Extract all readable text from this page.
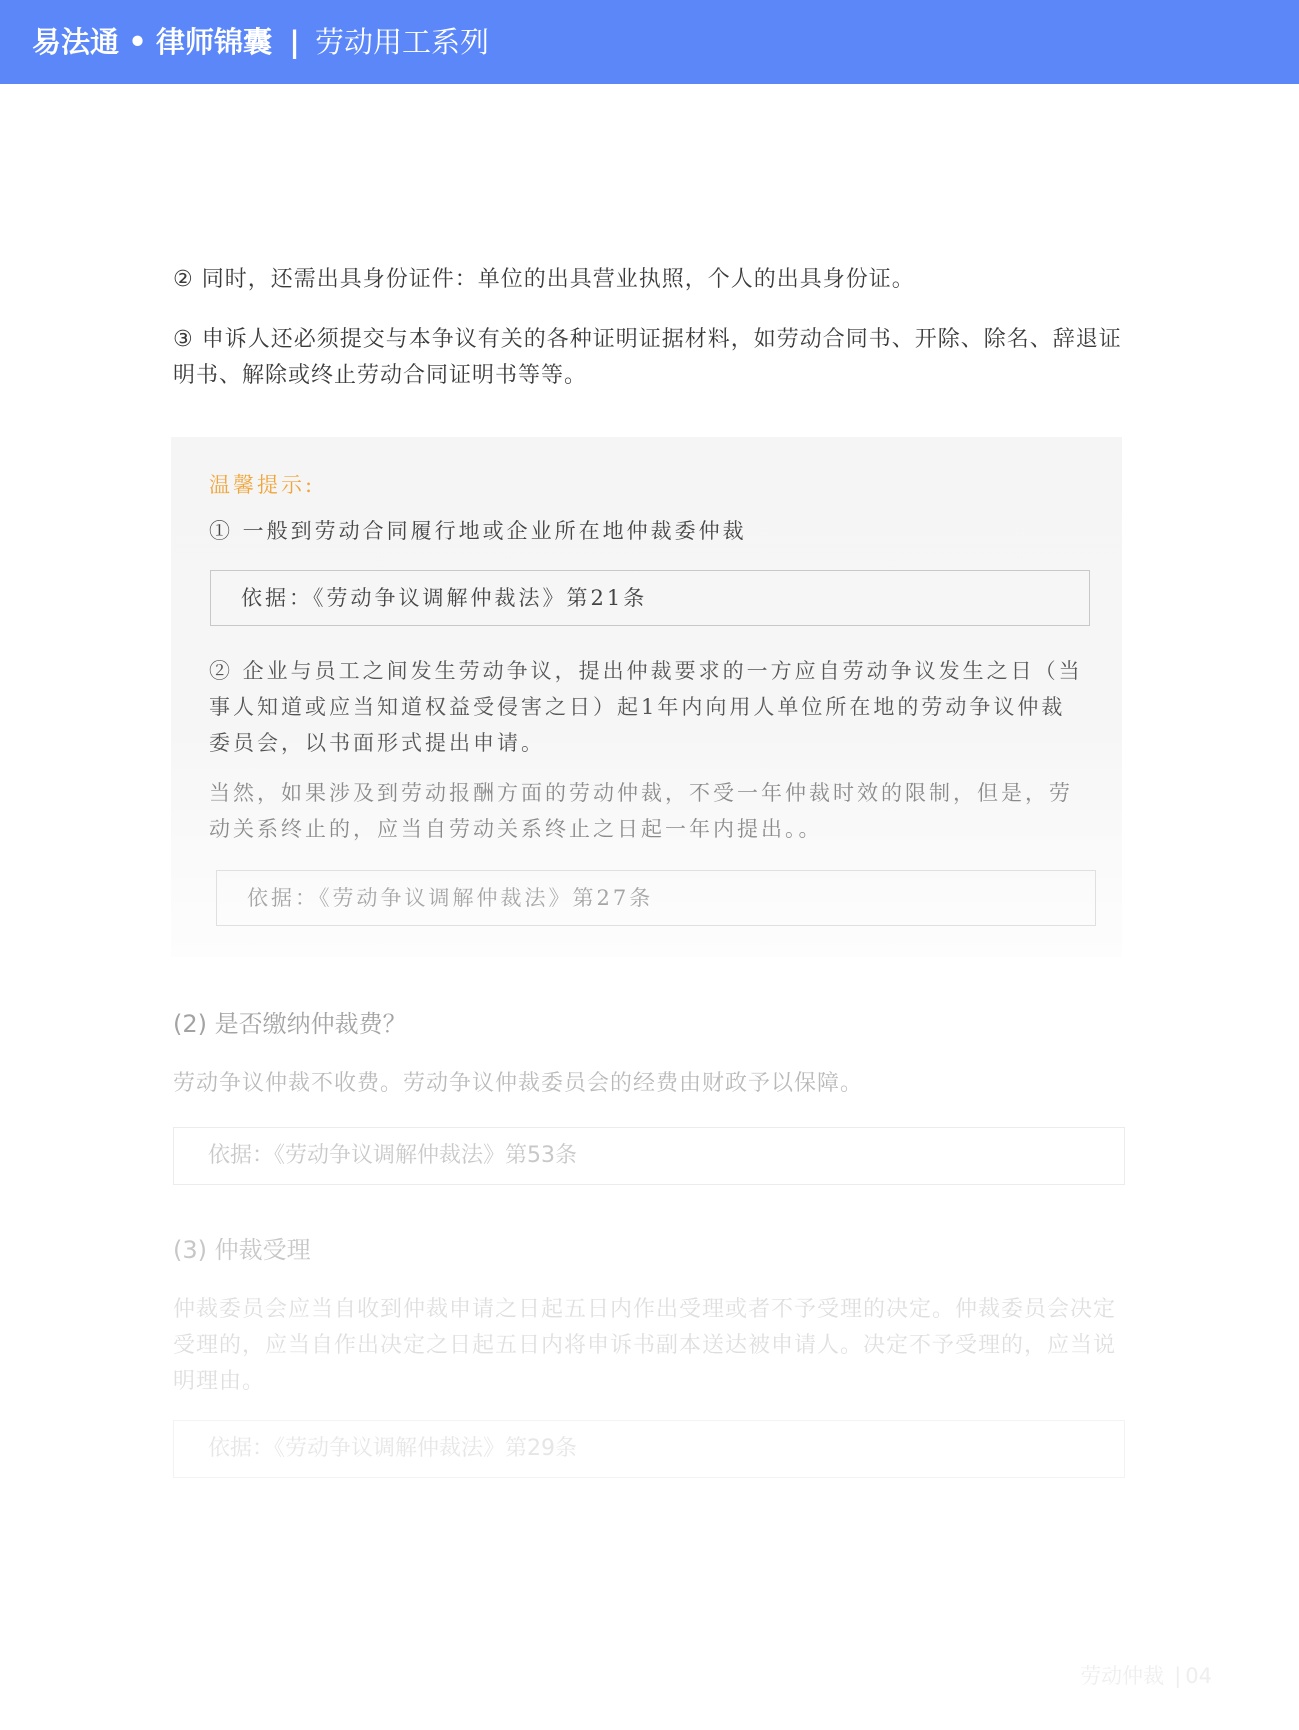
易法通 • 律师锦囊 | 劳动用工系列
② 同时，还需出具身份证件：单位的出具营业执照，个人的出具身份证。
③ 申诉人还必须提交与本争议有关的各种证明证据材料，如劳动合同书、开除、除名、辞退证明书、解除或终止劳动合同证明书等等。
温馨提示:
① 一般到劳动合同履行地或企业所在地仲裁委仲裁
依据：《劳动争议调解仲裁法》第21条
② 企业与员工之间发生劳动争议，提出仲裁要求的一方应自劳动争议发生之日（当事人知道或应当知道权益受侵害之日）起1年内向用人单位所在地的劳动争议仲裁委员会，以书面形式提出申请。
当然，如果涉及到劳动报酬方面的劳动仲裁，不受一年仲裁时效的限制，但是，劳动关系终止的，应当自劳动关系终止之日起一年内提出。。
依据：《劳动争议调解仲裁法》第27条
(2) 是否缴纳仲裁费？
劳动争议仲裁不收费。劳动争议仲裁委员会的经费由财政予以保障。
依据：《劳动争议调解仲裁法》第53条
(3) 仲裁受理
仲裁委员会应当自收到仲裁申请之日起五日内作出受理或者不予受理的决定。仲裁委员会决定受理的，应当自作出决定之日起五日内将申诉书副本送达被申请人。决定不予受理的，应当说明理由。
依据：《劳动争议调解仲裁法》第29条
劳动仲裁 | 04
